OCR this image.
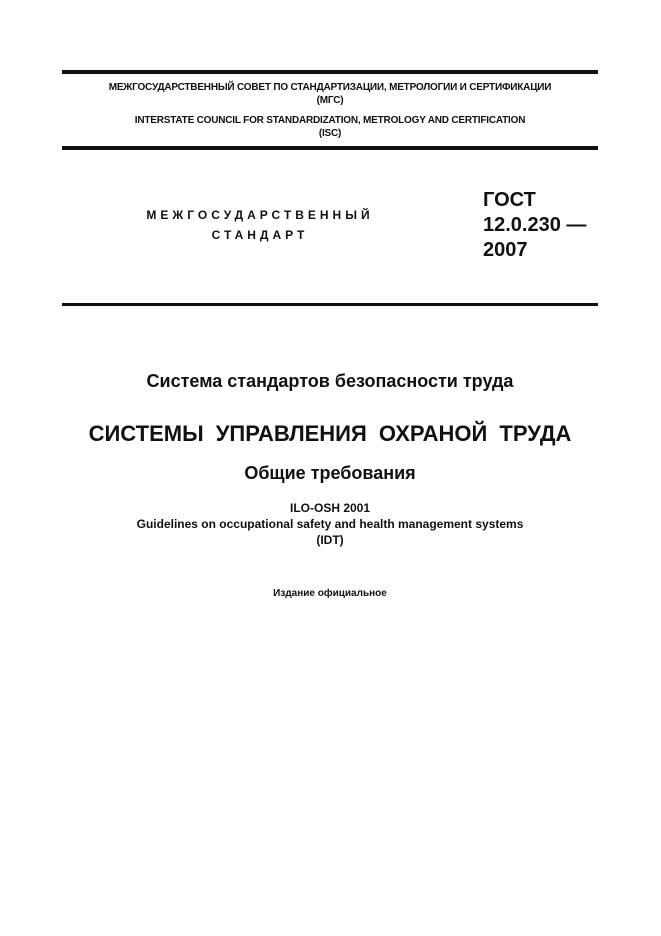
МЕЖГОСУДАРСТВЕННЫЙ СОВЕТ ПО СТАНДАРТИЗАЦИИ, МЕТРОЛОГИИ И СЕРТИФИКАЦИИ
(МГС)
INTERSTATE COUNCIL FOR STANDARDIZATION, METROLOGY AND CERTIFICATION
(ISC)
МЕЖГОСУДАРСТВЕННЫЙ
СТАНДАРТ
ГОСТ
12.0.230 —
2007
Система стандартов безопасности труда
СИСТЕМЫ УПРАВЛЕНИЯ ОХРАНОЙ ТРУДА
Общие требования
ILO-OSH 2001
Guidelines on occupational safety and health management systems
(IDT)
Издание официальное
